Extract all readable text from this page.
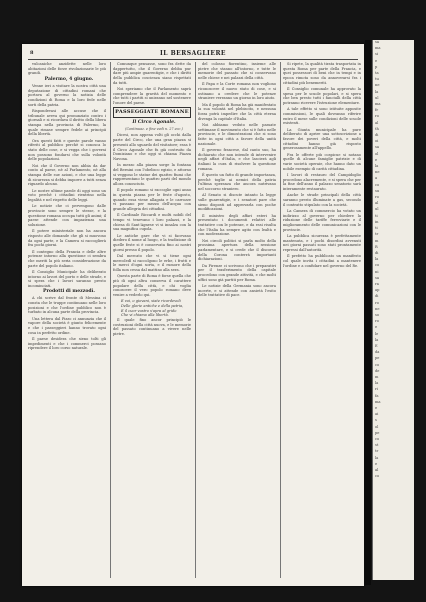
8	IL BERSAGLIERE

vulcaniche anzidette nelle loro abitazioni delle forze rivoluzionarie le più grandi.

Palermo, 4 giugno.

Venne ieri a visitare la nostra città una deputazione di cittadini romani che portava al governo la notizia delle condizioni di Roma e la loro fede nelle sorti della patria.

Rispondevasi alle accuse che il tribunale aveva qui pronunziato contro i giornali e si ricordava il diritto della libera stampa nella provincia di Palermo, la quale rimase sempre fedele ai principii della libertà.

Ora questi fatti e queste parole vanno riferiti al pubblico perchè si conosca lo stato delle cose, e si vegga che i governi non possono fondarsi che sulla volontà delle popolazioni.

Noi che il Governo non abbia da dar conto al paese, nè al Parlamento, nè alla stampa delle sue azioni, e che una legge di sicurezza si debba imporre a tutti senza riguardo alcuno.

Le nostre ultime parole di oggi sono un voto perchè i cittadini rientrino nella legalità e nel rispetto delle leggi.

Le notizie che ci pervengono dalle provincie sono sempre le stesse, e la questione romana occupa tutti gli animi; il paese attende con impazienza una soluzione.

Il potere ministeriale non ha ancora risposto alle domande che gli si muovono da ogni parte, e la Camera si raccoglierà fra pochi giorni.

Il contegno della Francia e delle altre potenze intorno alla questione ci sembra che meriti la più seria considerazione da parte del popolo italiano.

Il Consiglio Municipale ha deliberato intorno ai lavori del porto e delle strade, e si spera che i lavori saranno presto incominciati.

Prodotti di mezzodì.

A chi scrive dal fronte di Messina ci consta che le truppe continuano nelle loro posizioni e che l'ordine pubblico non è turbato in alcuna parte della provincia.

Una lettera dal Pizzo ci annunzia che il vapore della società è giunto felicemente e che i passeggieri hanno trovato ogni cosa in perfetto ordine.

Il paese desidera che sieno tolti gli impedimenti e che i commerci possano riprendere il loro corso naturale.

Comunque pensasse, sono fra dette da dappertutto, che il Governo debba pur dare più ampie guarentigie, e che i diritti della pubblica coscienza siano rispettati da tutti.

Noi speriamo che il Parlamento saprà comprendere la gravità del momento e che tutti i partiti si uniranno nel sostenere l'onore del paese.

PASSEGGIATE ROMANE

Il Circo Agonale.

(Continuaz. e fine vedi n. 27 ecc.)

Dicesi, non appena volti gli occhi dalla parte del Circo, che una gran piazza si presenti allo sguardo del visitatore; essa è il Circo Agonale che fu già costruito da Domiziano e che oggi si chiama Piazza Navona.

In mezzo alla piazza sorge la fontana del Bernini con l'obelisco egizio, e attorno si veggono le statue dei quattro fiumi che rappresentano le quattro parti del mondo allora conosciuto.

Il popolo romano si raccoglie ogni anno in questa piazza per le feste d'agosto, quando essa viene allagata e le carrozze vi passano per mezzo dell'acqua con grande allegria dei cittadini.

Il Cardinale Riccardi e molti nobili del tempo vi tenevano i loro palazzi, e la chiesa di Sant'Agnese vi si innalza con la sua magnifica cupola.

Le antiche gare che vi si facevano diedero il nome al luogo, e la tradizione di quelle feste si è conservata fino ai nostri giorni presso il popolo.

Dal mercato che vi si tiene ogni mercoledì si raccolgono le erbe, i frutti e le merci d'ogni sorta, e il rumore della folla non cessa dal mattino alla sera.

Questa parte di Roma è forse quella che più di ogni altra conserva il carattere popolare della città, e chi voglia conoscere il vero popolo romano deve venire a vederlo qui.

E voi, o giovani, siate ricordevoli

Delle glorie antiche e della patria,

E il cuor vostro s'apra al grido

Che vi chiama alla libertà.

Il quale fino ancor principiò le costruzioni della città nuova, e le memorie del passato continuano a vivere nelle pietre.

del colosso fiorentino, insieme alle pietre che stanno all'intorno, e tutte le memorie del passato che si conservano nelle chiese e nei palazzi della città.

Il Papa e la Corte romana non vogliono riconoscere il nuovo stato di cose, e si ostinano a credere che le potenze straniere verranno un giorno in loro aiuto.

Ma il popolo di Roma ha già manifestato la sua volontà nel plebiscito, e nessuna forza potrà impedire che la città eterna divenga la capitale d'Italia.

Noi abbiamo veduto nelle passate settimane il movimento che si è fatto nelle provincie, e le dimostrazioni che si sono fatte in ogni città a favore della unità nazionale.

Il governo francese, dal canto suo, ha dichiarato che non intende di intervenire negli affari d'Italia, e che lascierà agli italiani la cura di risolvere la questione romana.

È questo un fatto di grande importanza, perchè toglie ai nemici della patria l'ultima speranza che ancora nutrivano nel soccorso straniero.

Al Senato si discute intanto la legge sulle guarentigie, e i senatori pare che sieno disposti ad approvarla con poche modificazioni.

Il ministro degli affari esteri ha presentato i documenti relativi alle trattative con le potenze, e da essi risulta che l'Italia ha sempre agito con lealtà e con moderazione.

Nei circoli politici si parla molto della prossima apertura della sessione parlamentare, e si crede che il discorso della Corona conterrà importanti dichiarazioni.

Da Firenze ci scrivono che i preparativi per il trasferimento della capitale procedono con grande attività, e che molti uffici sono già partiti per Roma.

Le notizie della Germania sono ancora incerte, e si attende con ansietà l'esito delle trattative di pace.

Si ripete, la qualità tirata trasportata in questa Roma per parte della Francia, e quei possessori di beni che in tempi e in epoca rimota sono da annoverarsi fra i cittadini più benemeriti.

Il Consiglio comunale ha approvato la spesa per le scuole popolari, e si spera che ben presto tutti i fanciulli della città potranno ricevere l'istruzione elementare.

A tale effetto si sono istituite apposite commissioni, le quali dovranno riferire entro il mese sulle condizioni delle scuole esistenti.

La Giunta municipale ha pure deliberato di aprire una sottoscrizione a favore dei poveri della città, e molti cittadini hanno già risposto generosamente all'appello.

Fra le offerte più cospicue si notano quelle di alcune famiglie patrizie e di varie società operaie, che hanno dato un nobile esempio di carità cittadina.

I lavori di restauro del Campidoglio procedono alacremente, e si spera che per la fine dell'anno il palazzo senatorio sarà interamente restaurato.

Anche le strade principali della città saranno presto illuminate a gas, secondo il contratto stipulato con la società.

La Camera di commercio ha votato un indirizzo al governo per chiedere la riduzione delle tariffe ferroviarie e il miglioramento delle comunicazioni con le provincie.

La pubblica sicurezza è perfettamente mantenuta, e i pochi disordini avvenuti nei giorni passati sono stati prontamente repressi dall'autorità.

Il prefetto ha pubblicato un manifesto col quale invita i cittadini a mantenere l'ordine e a confidare nel governo del Re.

sa

ma

si

e

p

ta

tu

ne

la

ul

ma

fr

ro

al

th

di

oi

sa

ol

e

la

ne

a

co

su

ro

al

ul

ti

in

ti

tr

m

R

di

la

co

ni

sa

ra

ap

di

ro

ne

so

ro

e

le

la

E

da

pe

co

de

m

la

ri

fa

ma

e

ai

s

ol

pe

co

st

tr

la

e

al

co
